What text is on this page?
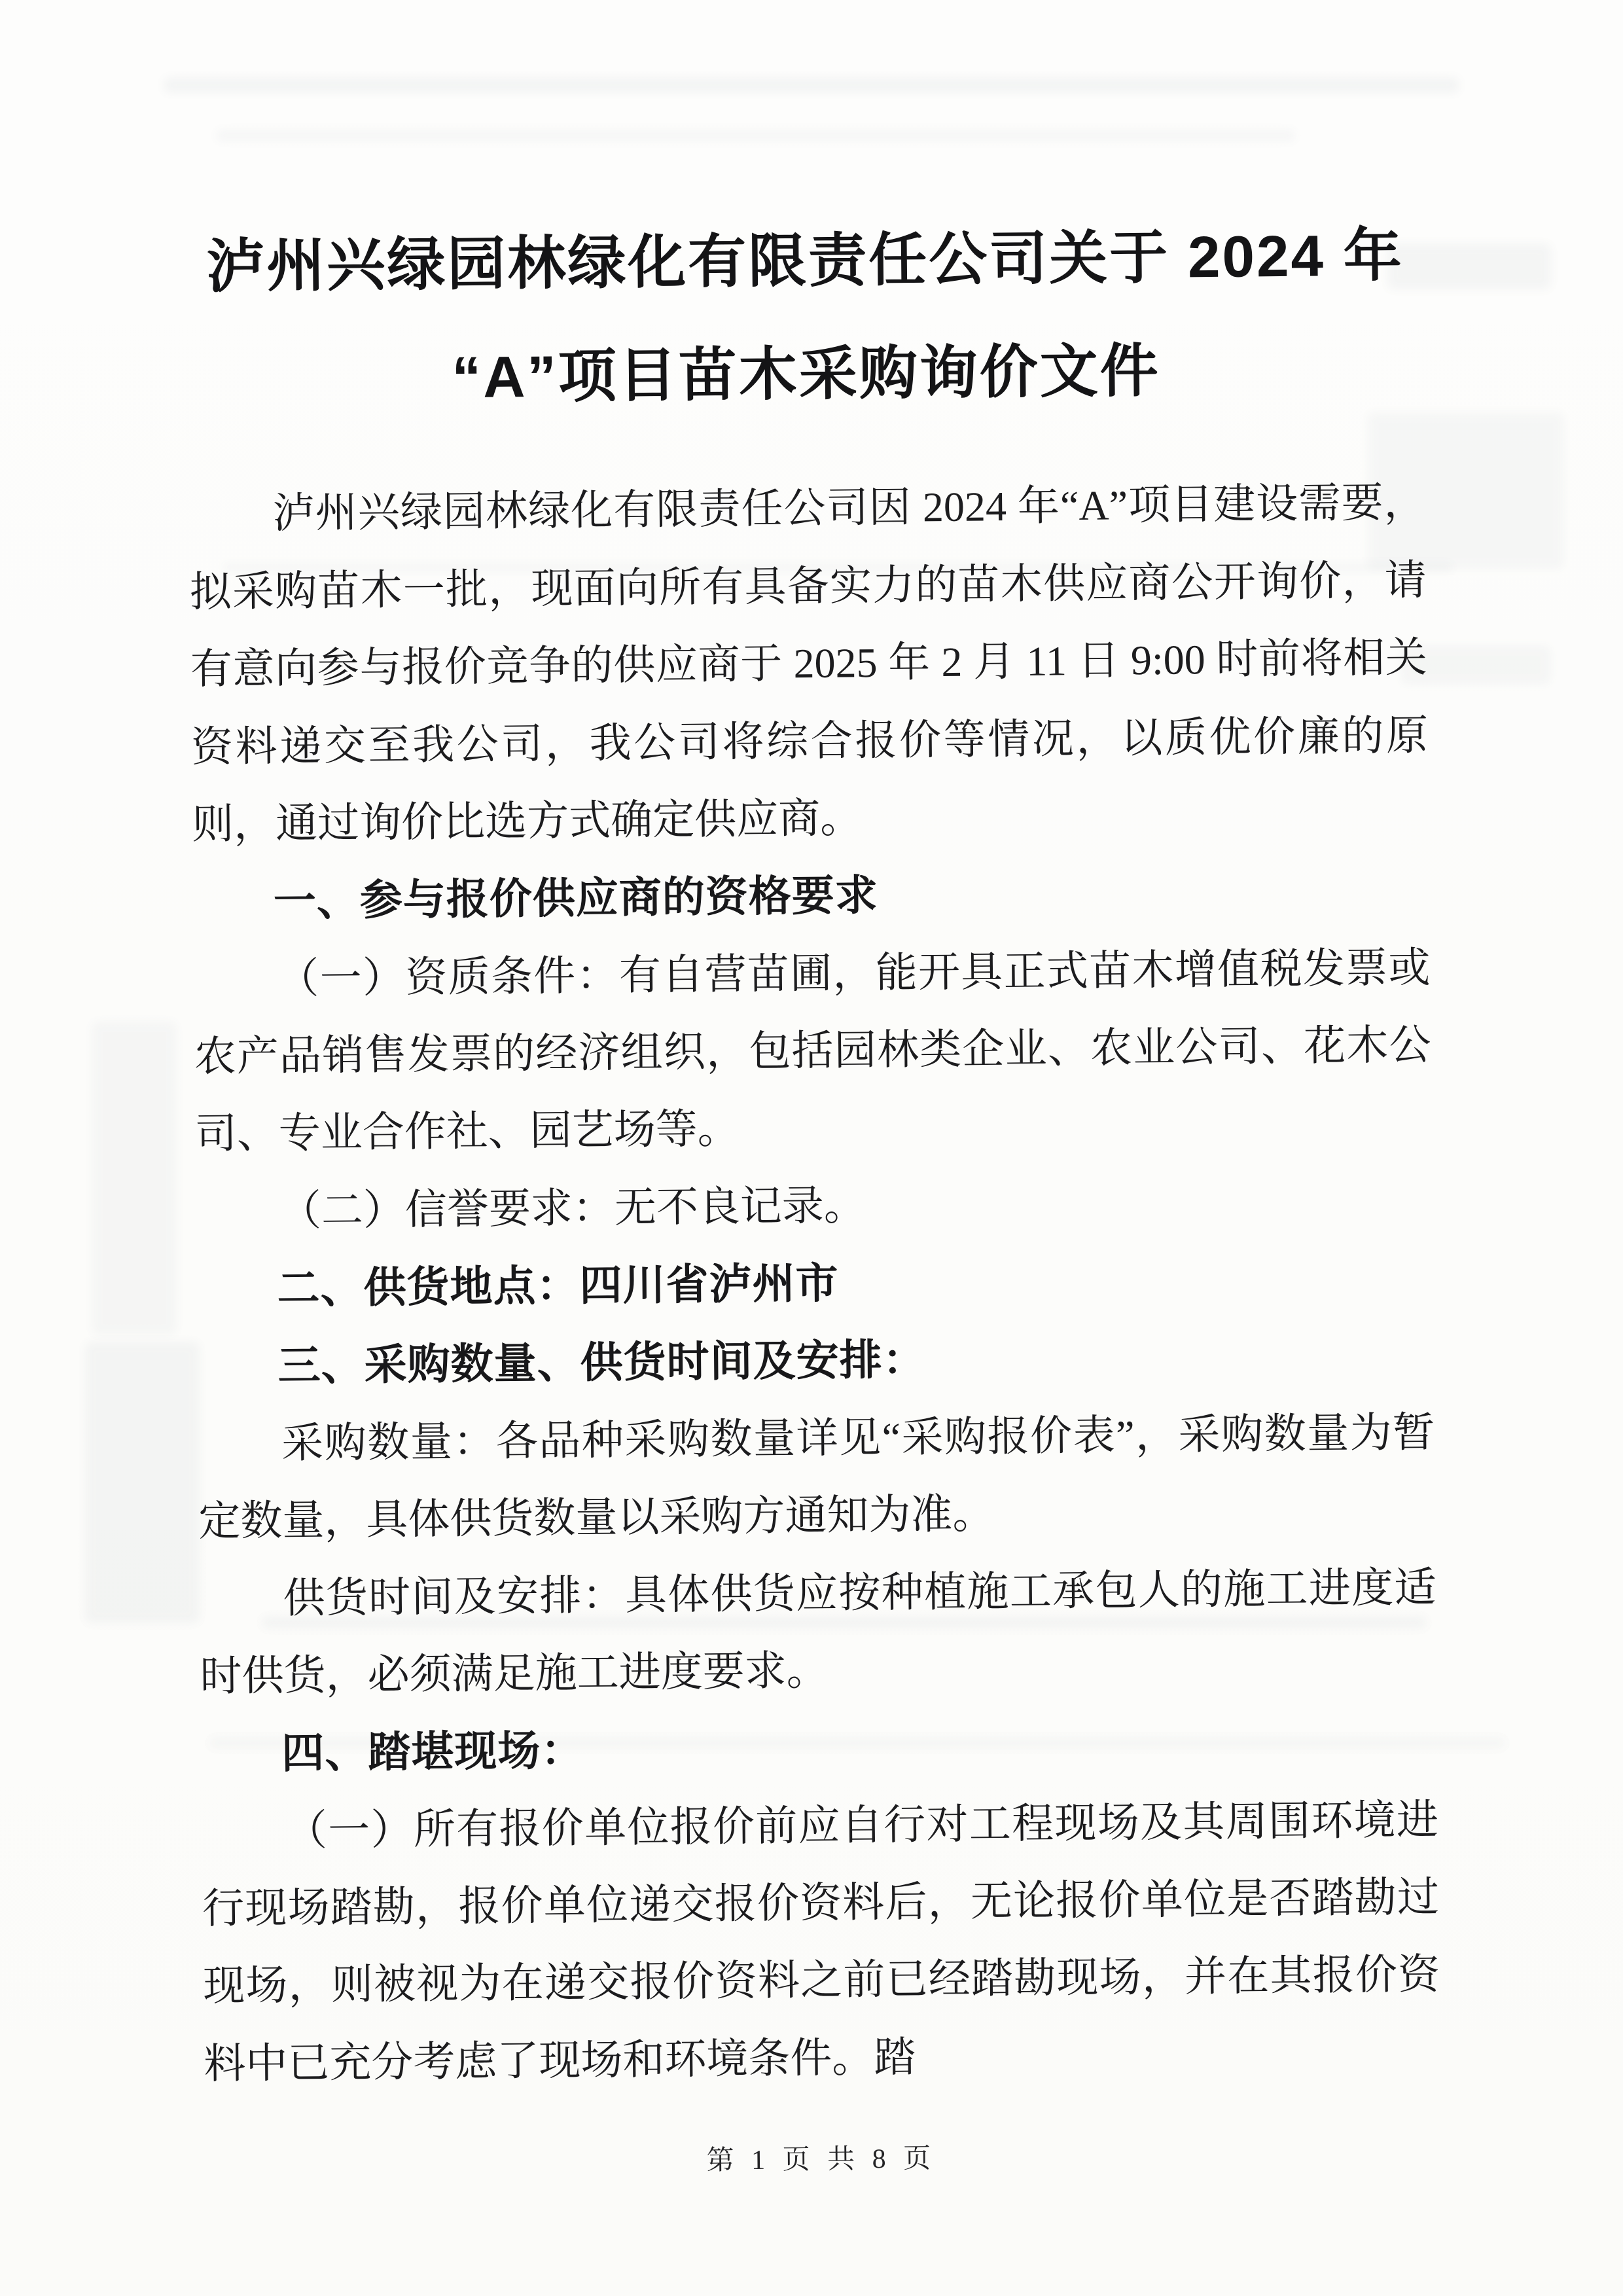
泸州兴绿园林绿化有限责任公司关于 2024 年
“A”项目苗木采购询价文件

泸州兴绿园林绿化有限责任公司因 2024 年“A”项目建设需要，拟采购苗木一批，现面向所有具备实力的苗木供应商公开询价，请有意向参与报价竞争的供应商于 2025 年 2 月 11 日 9:00 时前将相关资料递交至我公司，我公司将综合报价等情况，以质优价廉的原则，通过询价比选方式确定供应商。

一、参与报价供应商的资格要求

（一）资质条件：有自营苗圃，能开具正式苗木增值税发票或农产品销售发票的经济组织，包括园林类企业、农业公司、花木公司、专业合作社、园艺场等。

（二）信誉要求：无不良记录。

二、供货地点：四川省泸州市
三、采购数量、供货时间及安排：

采购数量：各品种采购数量详见“采购报价表”，采购数量为暂定数量，具体供货数量以采购方通知为准。

供货时间及安排：具体供货应按种植施工承包人的施工进度适时供货，必须满足施工进度要求。

四、踏堪现场：

（一）所有报价单位报价前应自行对工程现场及其周围环境进行现场踏勘，报价单位递交报价资料后，无论报价单位是否踏勘过现场，则被视为在递交报价资料之前已经踏勘现场，并在其报价资料中已充分考虑了现场和环境条件。踏

第 1 页 共 8 页
